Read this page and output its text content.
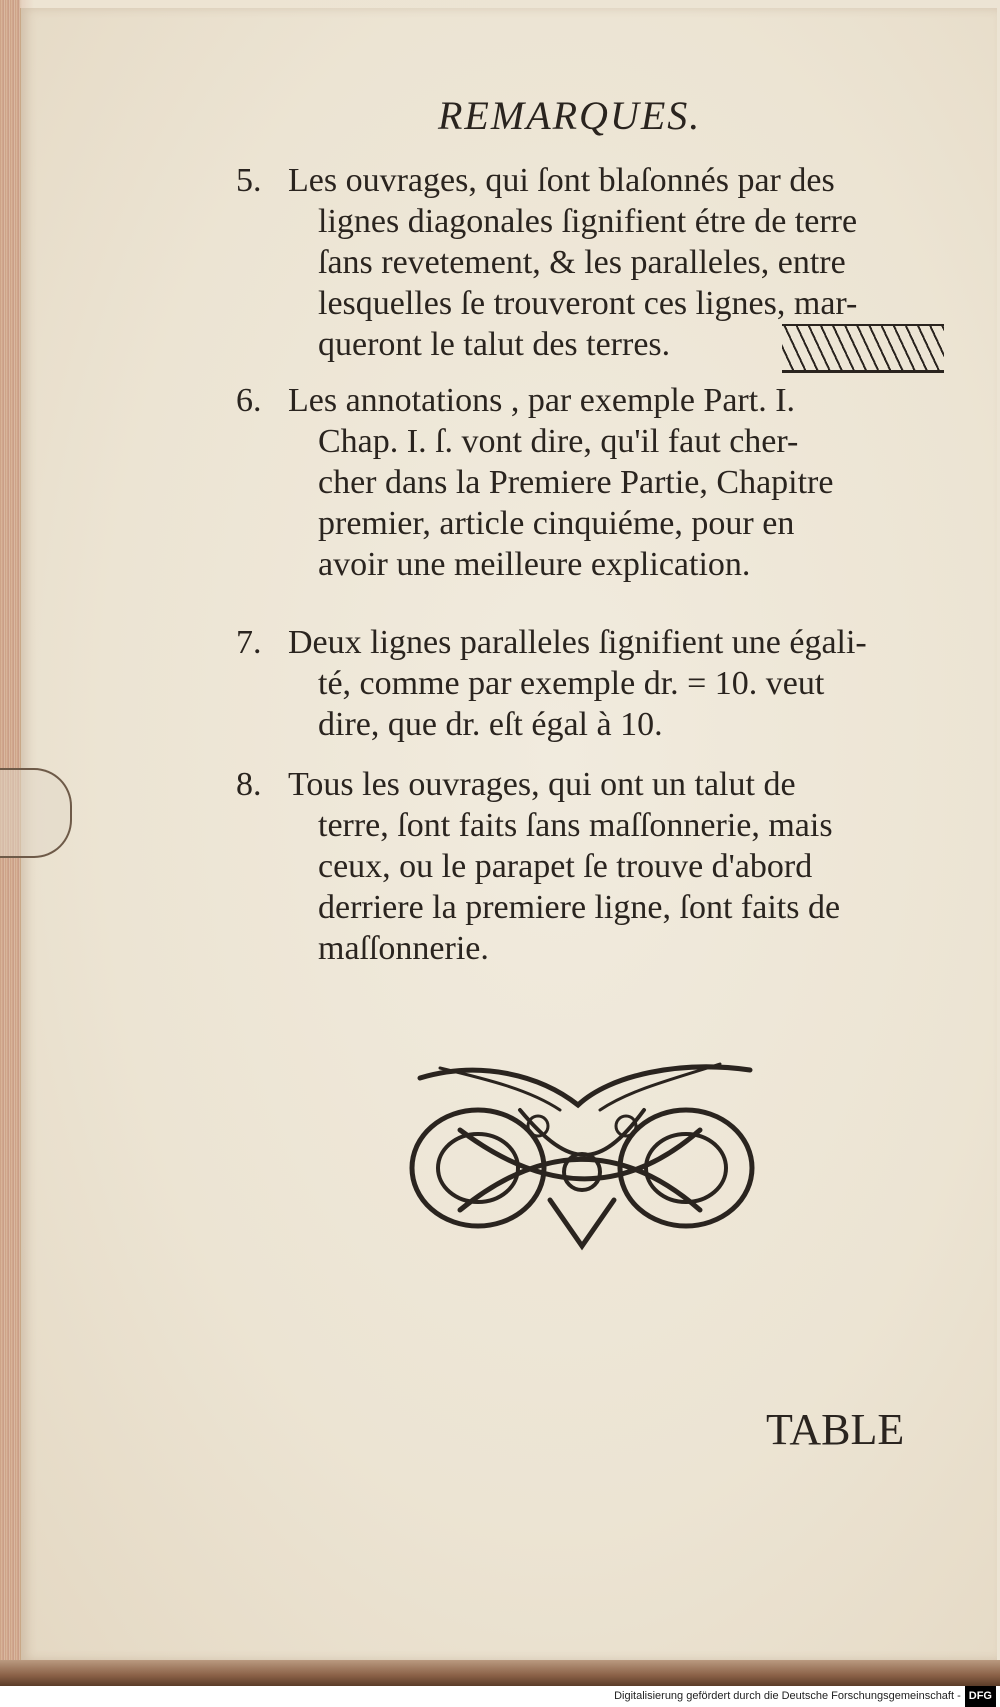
REMARQUES.
5. Les ouvrages, qui ſont blaſonnés par des

lignes diagonales ſignifient étre de terre

ſans revetement, & les paralleles, entre

lesquelles ſe trouveront ces lignes, mar-

queront le talut des terres.

6. Les annotations , par exemple Part. I.

Chap. I. ſ. vont dire, qu'il faut cher-

cher dans la Premiere Partie, Chapitre

premier, article cinquiéme, pour en

avoir une meilleure explication.

7. Deux lignes paralleles ſignifient une égali-

té, comme par exemple dr. = 10. veut

dire, que dr. eſt égal à 10.

8. Tous les ouvrages, qui ont un talut de

terre, ſont faits ſans maſſonnerie, mais

ceux, ou le parapet ſe trouve d'abord

derriere la premiere ligne, ſont faits de

maſſonnerie.

TABLE
Digitalisierung gefördert durch die Deutsche Forschungsgemeinschaft - DFG
